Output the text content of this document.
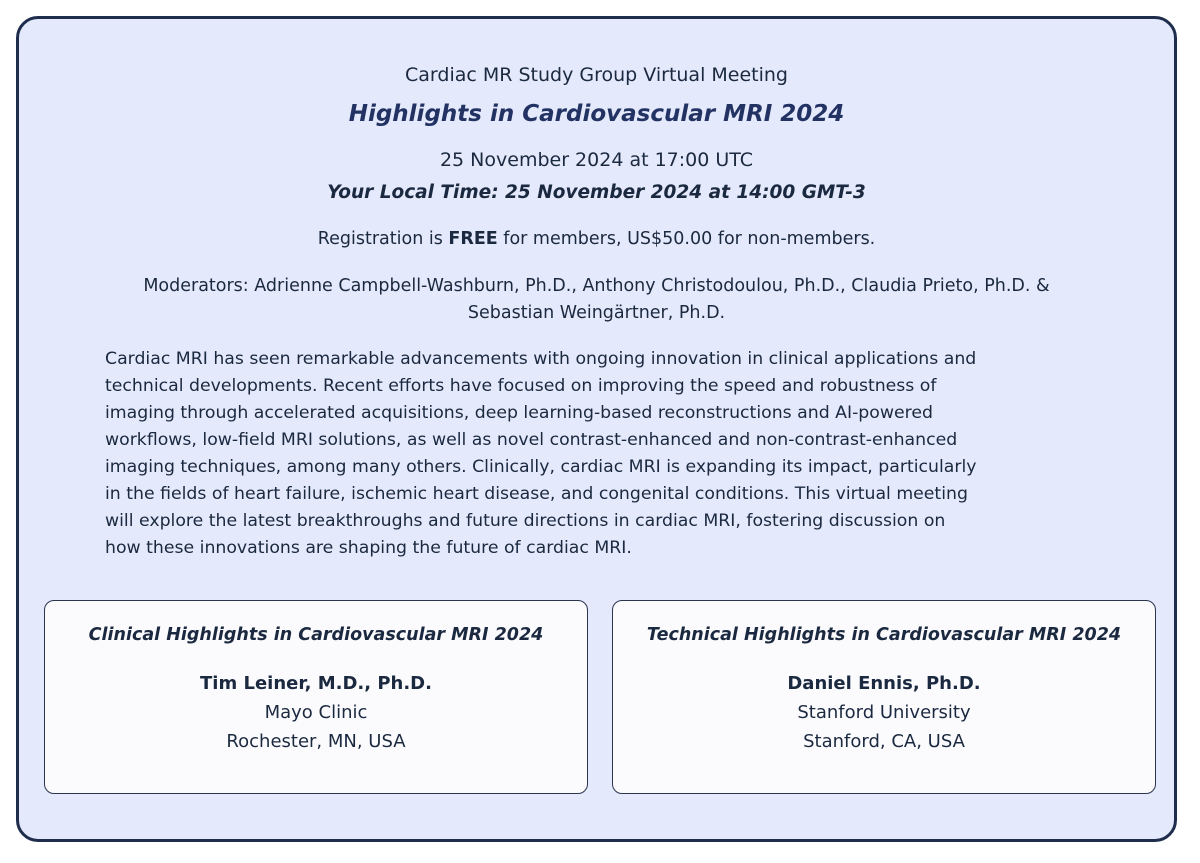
Cardiac MR Study Group Virtual Meeting
Highlights in Cardiovascular MRI 2024
25 November 2024 at 17:00 UTC
Your Local Time: 25 November 2024 at 14:00 GMT-3
Registration is FREE for members, US$50.00 for non-members.
Moderators: Adrienne Campbell-Washburn, Ph.D., Anthony Christodoulou, Ph.D., Claudia Prieto, Ph.D. &
Sebastian Weingärtner, Ph.D.
Cardiac MRI has seen remarkable advancements with ongoing innovation in clinical applications and
technical developments. Recent efforts have focused on improving the speed and robustness of
imaging through accelerated acquisitions, deep learning-based reconstructions and AI-powered
workflows, low-field MRI solutions, as well as novel contrast-enhanced and non-contrast-enhanced
imaging techniques, among many others. Clinically, cardiac MRI is expanding its impact, particularly
in the fields of heart failure, ischemic heart disease, and congenital conditions. This virtual meeting
will explore the latest breakthroughs and future directions in cardiac MRI, fostering discussion on
how these innovations are shaping the future of cardiac MRI.
Clinical Highlights in Cardiovascular MRI 2024
Tim Leiner, M.D., Ph.D.
Mayo Clinic
Rochester, MN, USA
Technical Highlights in Cardiovascular MRI 2024
Daniel Ennis, Ph.D.
Stanford University
Stanford, CA, USA
